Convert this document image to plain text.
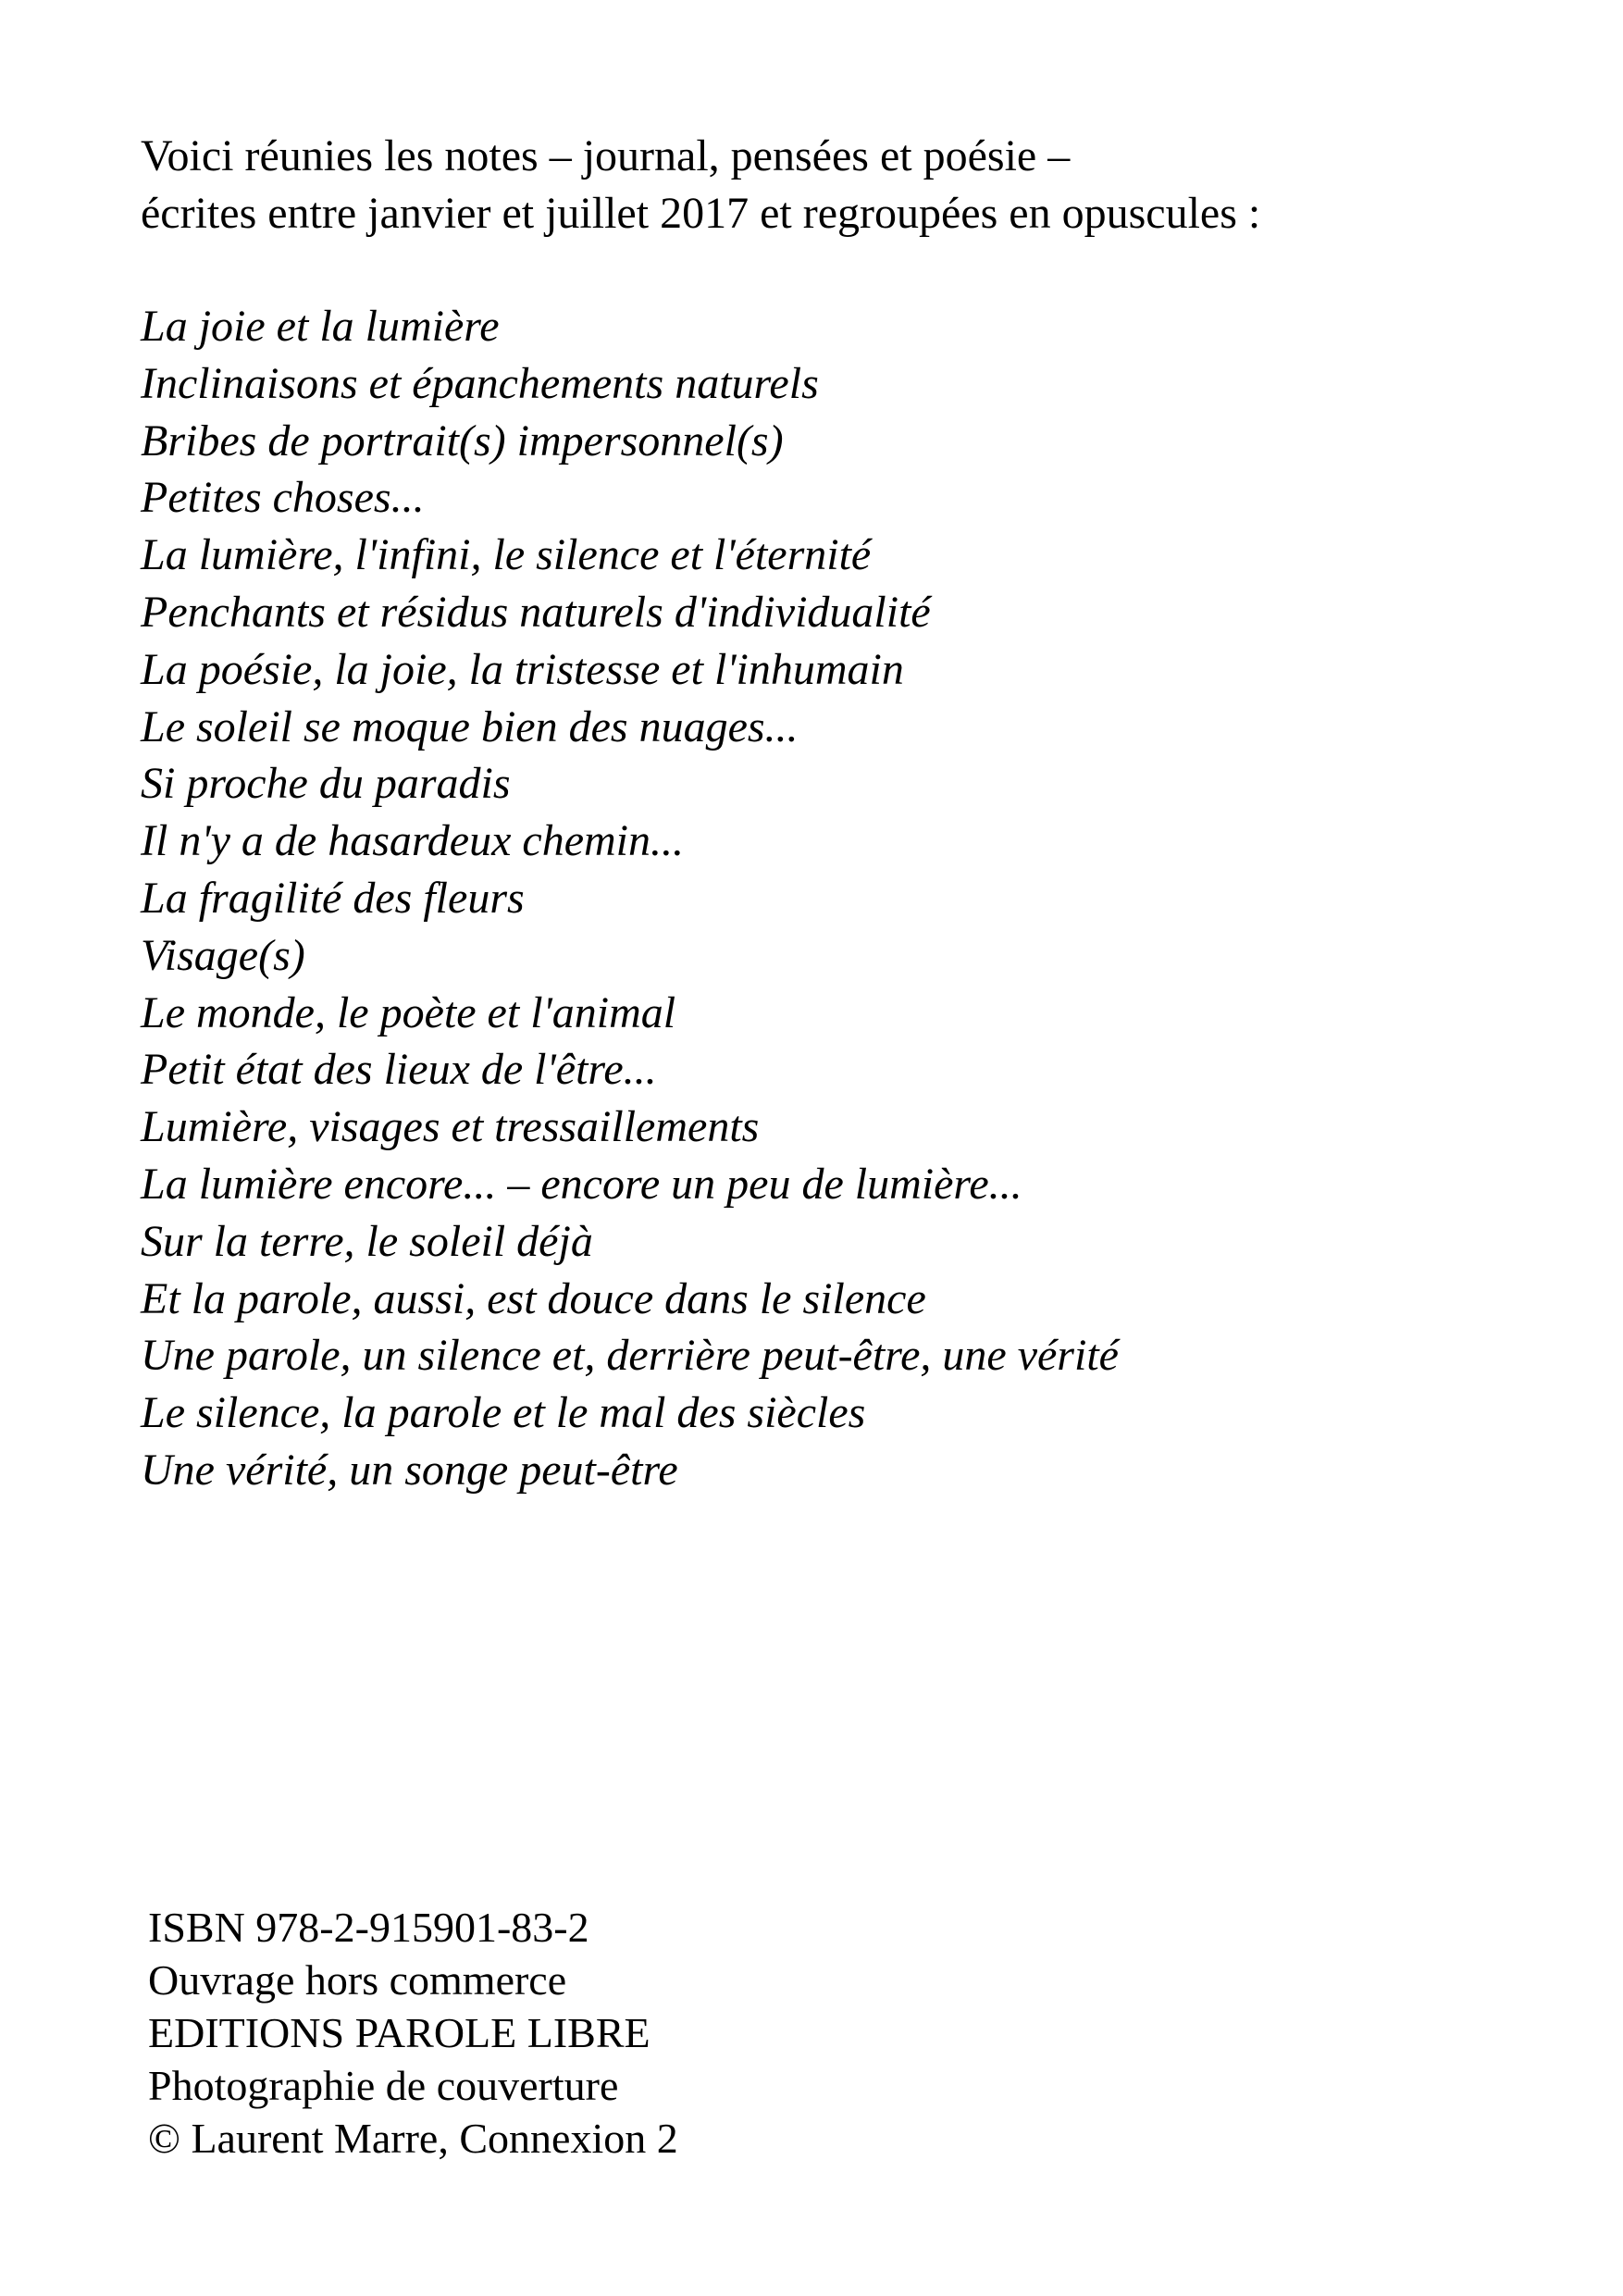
Voici réunies les notes – journal, pensées et poésie –

écrites entre janvier et juillet 2017 et regroupées en opuscules :

La joie et la lumière
Inclinaisons et épanchements naturels
Bribes de portrait(s) impersonnel(s)
Petites choses...
La lumière, l'infini, le silence et l'éternité
Penchants et résidus naturels d'individualité
La poésie, la joie, la tristesse et l'inhumain
Le soleil se moque bien des nuages...
Si proche du paradis
Il n'y a de hasardeux chemin...
La fragilité des fleurs
Visage(s)
Le monde, le poète et l'animal
Petit état des lieux de l'être...
Lumière, visages et tressaillements
La lumière encore... – encore un peu de lumière...
Sur la terre, le soleil déjà
Et la parole, aussi, est douce dans le silence
Une parole, un silence et, derrière peut-être, une vérité
Le silence, la parole et le mal des siècles
Une vérité, un songe peut-être

ISBN 978-2-915901-83-2

Ouvrage hors commerce

EDITIONS PAROLE LIBRE

Photographie de couverture

© Laurent Marre, Connexion 2
